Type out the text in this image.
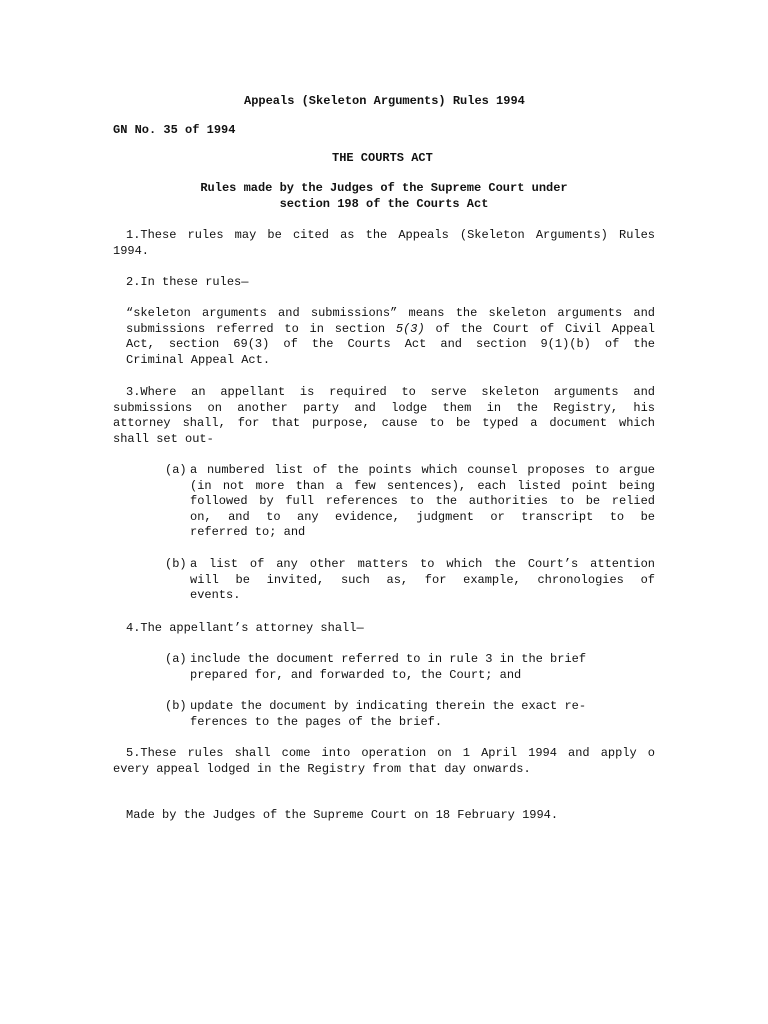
Appeals (Skeleton Arguments) Rules 1994
GN No. 35 of 1994
THE COURTS ACT
Rules made by the Judges of the Supreme Court under
section 198 of the Courts Act
1.These rules may be cited as the Appeals (Skeleton Arguments) Rules
1994.
2.In these rules—
“skeleton arguments and submissions” means the skeleton arguments and
submissions referred to in section 5(3) of the Court of Civil Appeal
Act, section 69(3) of the Courts Act and section 9(1)(b) of the
Criminal Appeal Act.
3.Where an appellant is required to serve skeleton arguments and
submissions on another party and lodge them in the Registry, his
attorney shall, for that purpose, cause to be typed a document which
shall set out-
(a) a numbered list of the points which counsel proposes to argue
(in not more than a few sentences), each listed point being
followed by full references to the authorities to be relied
on, and to any evidence, judgment or transcript to be
referred to; and
(b) a list of any other matters to which the Court’s attention
will be invited, such as, for example, chronologies of
events.
4.The appellant’s attorney shall—
(a) include the document referred to in rule 3 in the brief
prepared for, and forwarded to, the Court; and
(b) update the document by indicating therein the exact re-
ferences to the pages of the brief.
5.These rules shall come into operation on 1 April 1994 and apply o
every appeal lodged in the Registry from that day onwards.
Made by the Judges of the Supreme Court on 18 February 1994.
